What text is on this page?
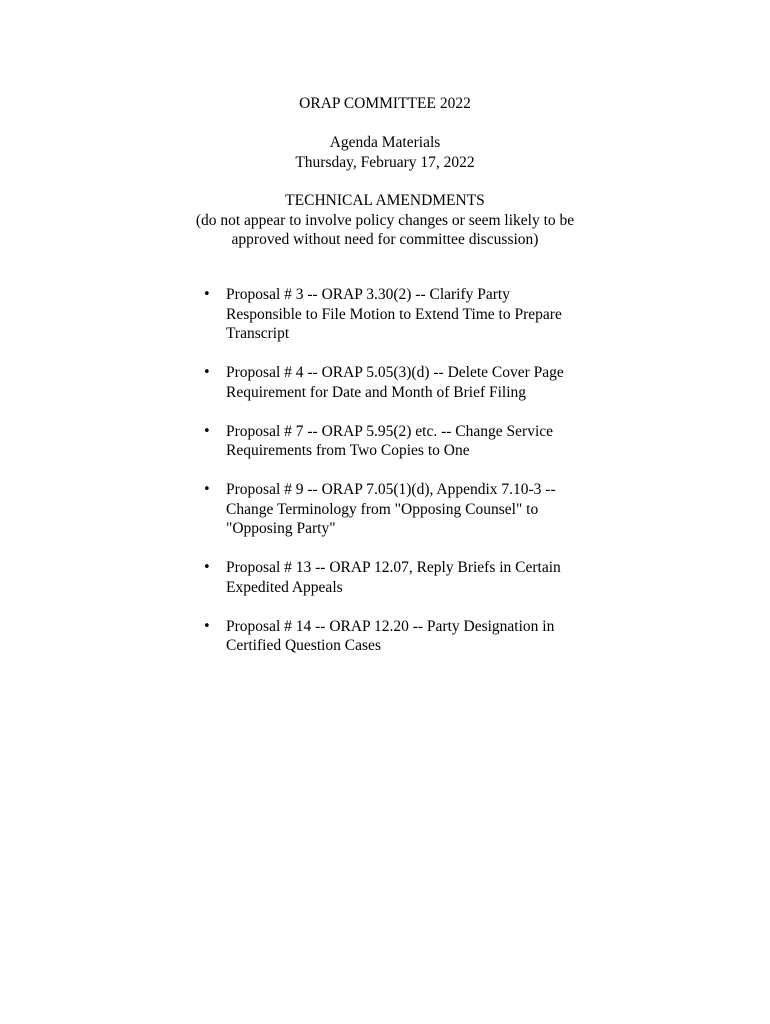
ORAP COMMITTEE 2022
Agenda Materials
Thursday, February 17, 2022
TECHNICAL AMENDMENTS
(do not appear to involve policy changes or seem likely to be
approved without need for committee discussion)
• Proposal # 3 -- ORAP 3.30(2) -- Clarify Party
Responsible to File Motion to Extend Time to Prepare
Transcript
• Proposal # 4 -- ORAP 5.05(3)(d) -- Delete Cover Page
Requirement for Date and Month of Brief Filing
• Proposal # 7 -- ORAP 5.95(2) etc. -- Change Service
Requirements from Two Copies to One
• Proposal # 9 -- ORAP 7.05(1)(d), Appendix 7.10-3 --
Change Terminology from "Opposing Counsel" to
"Opposing Party"
• Proposal # 13 -- ORAP 12.07, Reply Briefs in Certain
Expedited Appeals
• Proposal # 14 -- ORAP 12.20 -- Party Designation in
Certified Question Cases
